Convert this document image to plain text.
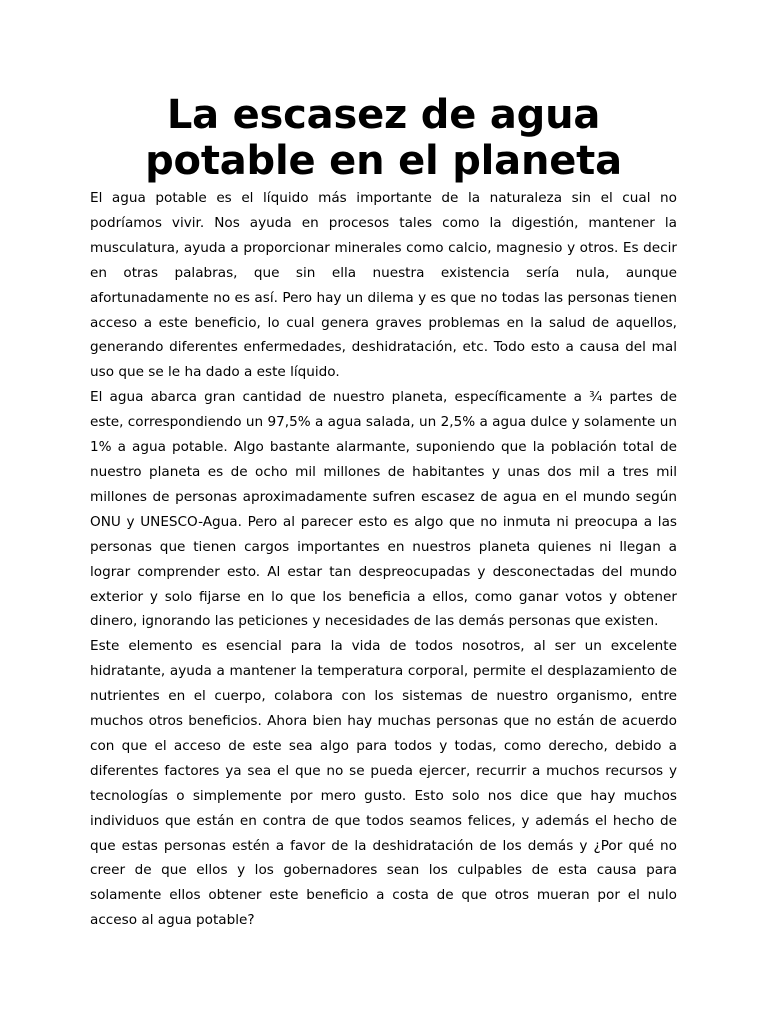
La escasez de agua potable en el planeta

El agua potable es el líquido más importante de la naturaleza sin el cual no podríamos vivir. Nos ayuda en procesos tales como la digestión, mantener la musculatura, ayuda a proporcionar minerales como calcio, magnesio y otros. Es decir en otras palabras, que sin ella nuestra existencia sería nula, aunque afortunadamente no es así. Pero hay un dilema y es que no todas las personas tienen acceso a este beneficio, lo cual genera graves problemas en la salud de aquellos, generando diferentes enfermedades, deshidratación, etc. Todo esto a causa del mal uso que se le ha dado a este líquido.

El agua abarca gran cantidad de nuestro planeta, específicamente a ¾ partes de este, correspondiendo un 97,5% a agua salada, un 2,5% a agua dulce y solamente un 1% a agua potable. Algo bastante alarmante, suponiendo que la población total de nuestro planeta es de ocho mil millones de habitantes y unas dos mil a tres mil millones de personas aproximadamente sufren escasez de agua en el mundo según ONU y UNESCO-Agua. Pero al parecer esto es algo que no inmuta ni preocupa a las personas que tienen cargos importantes en nuestros planeta quienes ni llegan a lograr comprender esto. Al estar tan despreocupadas y desconectadas del mundo exterior y solo fijarse en lo que los beneficia a ellos, como ganar votos y obtener dinero, ignorando las peticiones y necesidades de las demás personas que existen.

Este elemento es esencial para la vida de todos nosotros, al ser un excelente hidratante, ayuda a mantener la temperatura corporal, permite el desplazamiento de nutrientes en el cuerpo, colabora con los sistemas de nuestro organismo, entre muchos otros beneficios. Ahora bien hay muchas personas que no están de acuerdo con que el acceso de este sea algo para todos y todas, como derecho, debido a diferentes factores ya sea el que no se pueda ejercer, recurrir a muchos recursos y tecnologías o simplemente por mero gusto. Esto solo nos dice que hay muchos individuos que están en contra de que todos seamos felices, y además el hecho de que estas personas estén a favor de la deshidratación de los demás y ¿Por qué no creer de que ellos y los gobernadores sean los culpables de esta causa para solamente ellos obtener este beneficio a costa de que otros mueran por el nulo acceso al agua potable?
